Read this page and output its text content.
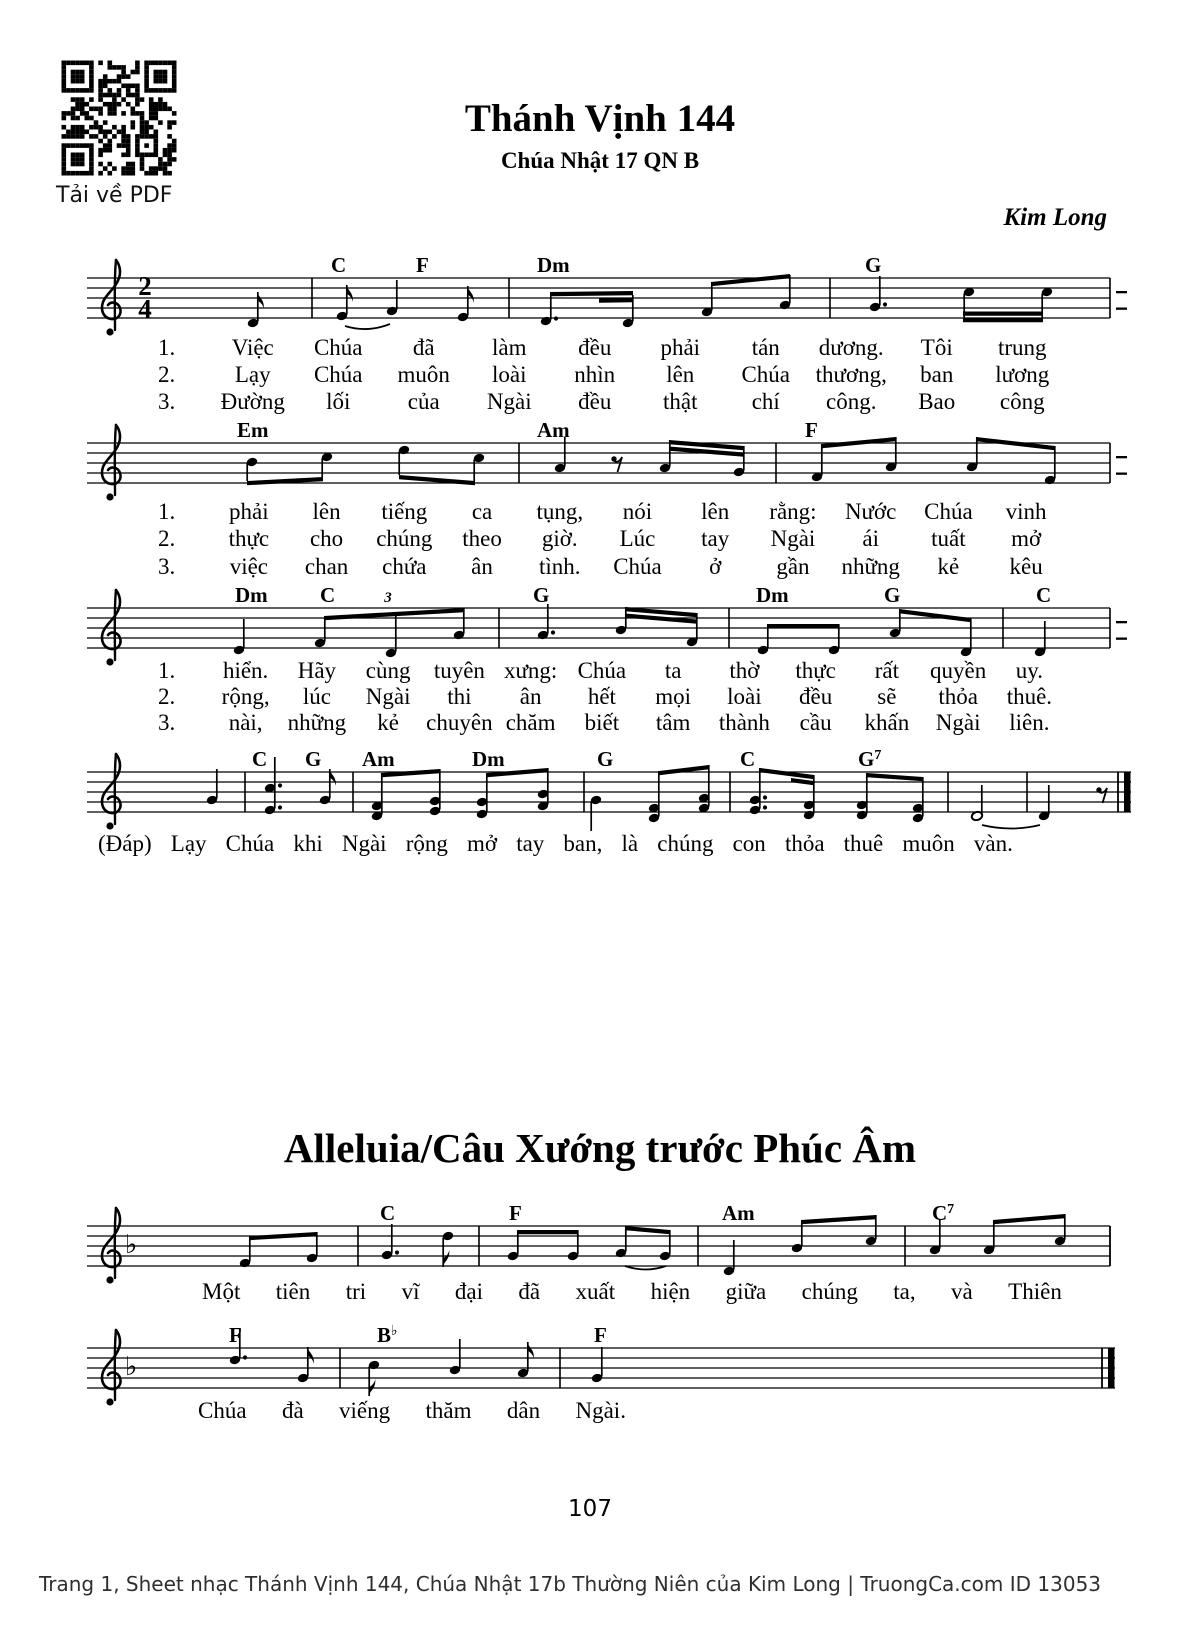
Tải về PDF
Thánh Vịnh 144
Chúa Nhật 17 QN B
Kim Long
2
4
C	F	Dm	G
1.	Việc	Chúa	đã	làm	đều	phải	tán	dương.	Tôi	trung
2.	Lạy	Chúa	muôn	loài	nhìn	lên	Chúa	thương,	ban	lương
3.	Đường	lối	của	Ngài	đều	thật	chí	công.	Bao	công
Em	Am	F
1.	phải	lên	tiếng	ca	tụng,	nói	lên	rằng:	Nước	Chúa	vinh
2.	thực	cho	chúng	theo	giờ.	Lúc	tay	Ngài	ái	tuất	mở
3.	việc	chan	chứa	ân	tình.	Chúa	ở	gần	những	kẻ	kêu
Dm C	G	Dm	G	C
3
1.	hiển.	Hãy	cùng	tuyên xưng: Chúa	ta	thờ	thực	rất	quyền	uy.
2.	rộng,	lúc	Ngài	thi	ân	hết	mọi	loài	đều	sẽ	thỏa	thuê.
3.	nài,	những	kẻ	chuyên chăm	biết	tâm	thành	cầu	khấn	Ngài	liên.
C G Am	Dm	G	C	$G^7$
(Đáp) Lạy Chúa khi Ngài rộng mở tay ban, là chúng con thỏa thuê muôn vàn.
Alleluia/Câu Xướng trước Phúc Âm
♭
C	F	Am	$C^7$
Một tiên tri vĩ đại đã xuất hiện giữa chúng ta, và Thiên
♭
F	B♭	F
Chúa đà viếng thăm dân Ngài.
107
Trang 1, Sheet nhạc Thánh Vịnh 144, Chúa Nhật 17b Thường Niên của Kim Long | TruongCa.com ID 13053
